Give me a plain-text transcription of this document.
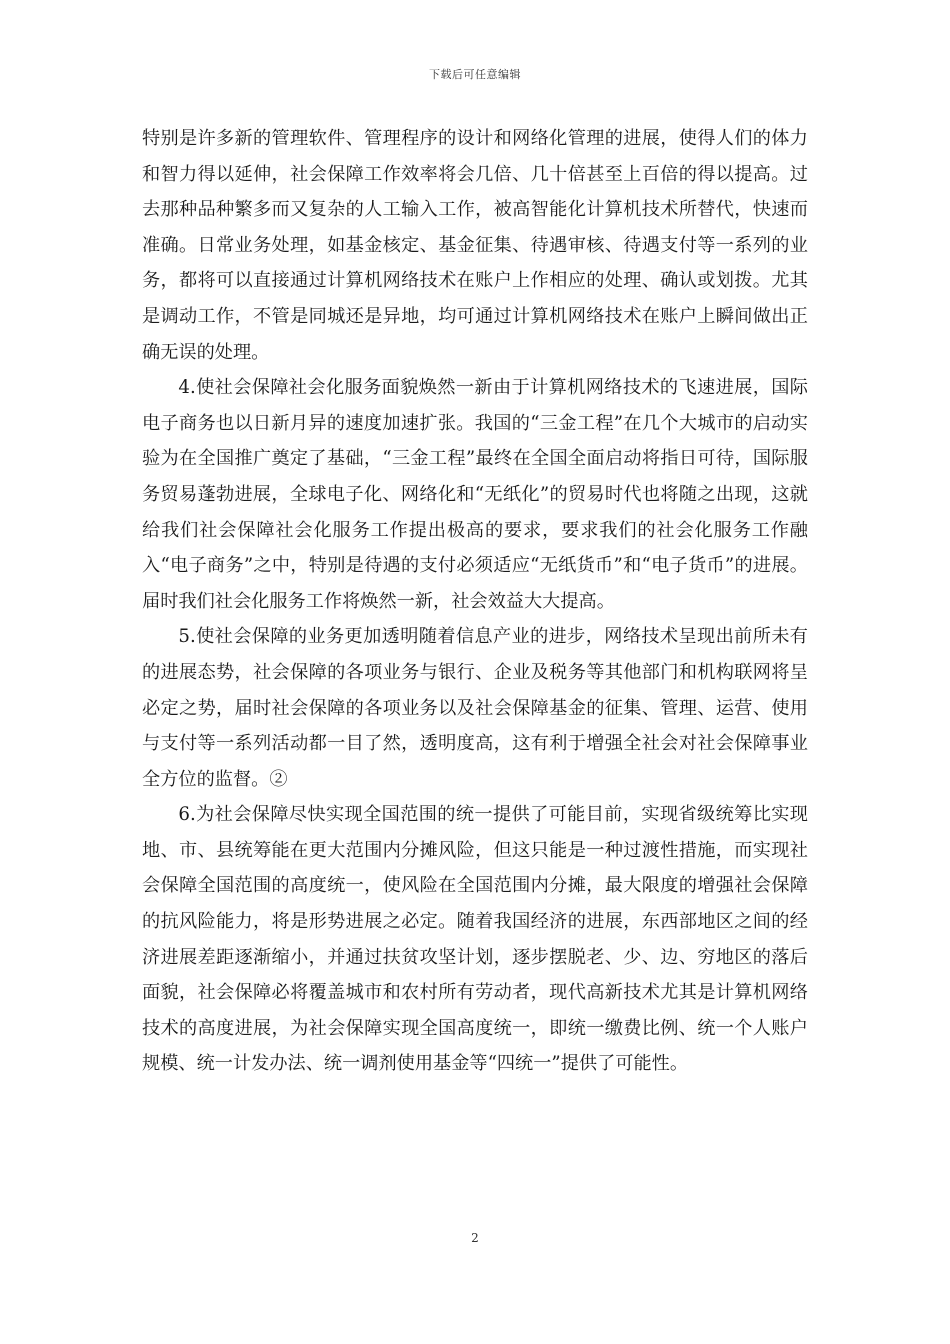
下载后可任意编辑

特别是许多新的管理软件、管理程序的设计和网络化管理的进展，使得人们的体力和智力得以延伸，社会保障工作效率将会几倍、几十倍甚至上百倍的得以提高。过去那种品种繁多而又复杂的人工输入工作，被高智能化计算机技术所替代，快速而准确。日常业务处理，如基金核定、基金征集、待遇审核、待遇支付等一系列的业务，都将可以直接通过计算机网络技术在账户上作相应的处理、确认或划拨。尤其是调动工作，不管是同城还是异地，均可通过计算机网络技术在账户上瞬间做出正确无误的处理。

4.使社会保障社会化服务面貌焕然一新由于计算机网络技术的飞速进展，国际电子商务也以日新月异的速度加速扩张。我国的“三金工程”在几个大城市的启动实验为在全国推广奠定了基础，“三金工程”最终在全国全面启动将指日可待，国际服务贸易蓬勃进展，全球电子化、网络化和“无纸化”的贸易时代也将随之出现，这就给我们社会保障社会化服务工作提出极高的要求，要求我们的社会化服务工作融入“电子商务”之中，特别是待遇的支付必须适应“无纸货币”和“电子货币”的进展。届时我们社会化服务工作将焕然一新，社会效益大大提高。

5.使社会保障的业务更加透明随着信息产业的进步，网络技术呈现出前所未有的进展态势，社会保障的各项业务与银行、企业及税务等其他部门和机构联网将呈必定之势，届时社会保障的各项业务以及社会保障基金的征集、管理、运营、使用与支付等一系列活动都一目了然，透明度高，这有利于增强全社会对社会保障事业全方位的监督。②

6.为社会保障尽快实现全国范围的统一提供了可能目前，实现省级统筹比实现地、市、县统筹能在更大范围内分摊风险，但这只能是一种过渡性措施，而实现社会保障全国范围的高度统一，使风险在全国范围内分摊，最大限度的增强社会保障的抗风险能力，将是形势进展之必定。随着我国经济的进展，东西部地区之间的经济进展差距逐渐缩小，并通过扶贫攻坚计划，逐步摆脱老、少、边、穷地区的落后面貌，社会保障必将覆盖城市和农村所有劳动者，现代高新技术尤其是计算机网络技术的高度进展，为社会保障实现全国高度统一，即统一缴费比例、统一个人账户规模、统一计发办法、统一调剂使用基金等“四统一”提供了可能性。

2
